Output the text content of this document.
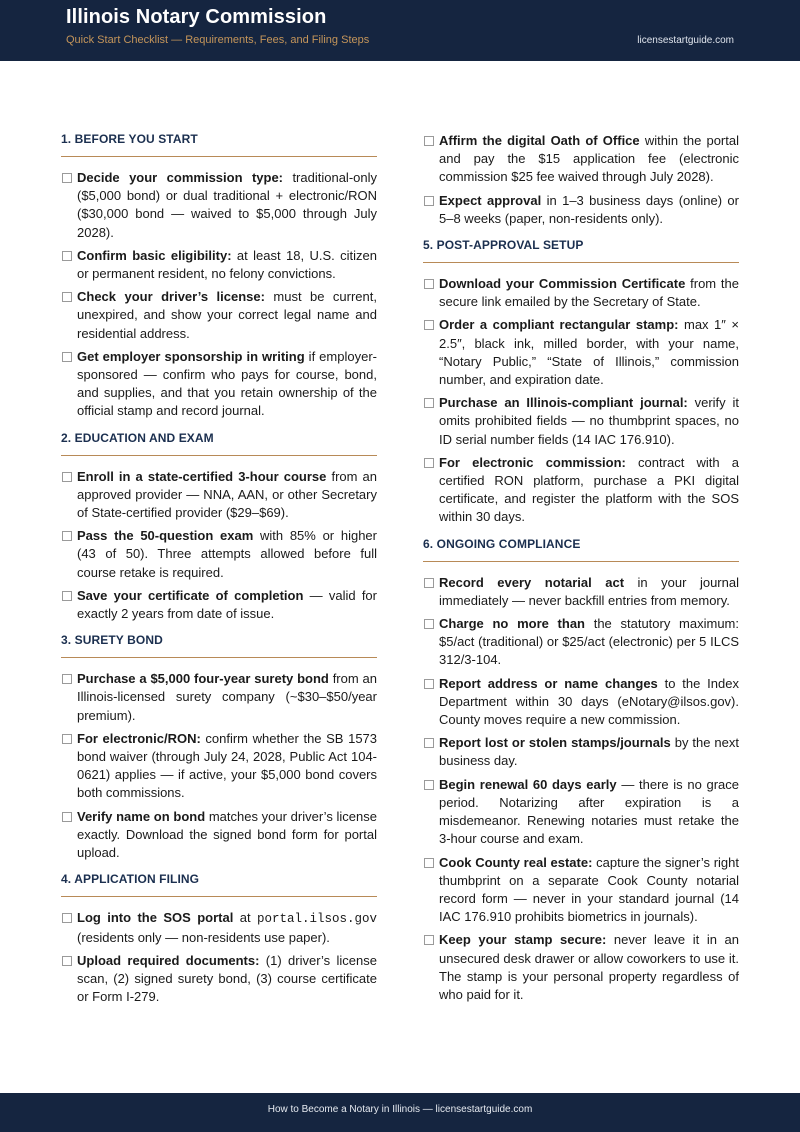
Illinois Notary Commission
Quick Start Checklist — Requirements, Fees, and Filing Steps	licensestartguide.com
1. BEFORE YOU START
Decide your commission type: traditional-only ($5,000 bond) or dual traditional + electronic/RON ($30,000 bond — waived to $5,000 through July 2028).
Confirm basic eligibility: at least 18, U.S. citizen or permanent resident, no felony convictions.
Check your driver’s license: must be current, unexpired, and show your correct legal name and residential address.
Get employer sponsorship in writing if employer-sponsored — confirm who pays for course, bond, and supplies, and that you retain ownership of the official stamp and record journal.
2. EDUCATION AND EXAM
Enroll in a state-certified 3-hour course from an approved provider — NNA, AAN, or other Secretary of State-certified provider ($29–$69).
Pass the 50-question exam with 85% or higher (43 of 50). Three attempts allowed before full course retake is required.
Save your certificate of completion — valid for exactly 2 years from date of issue.
3. SURETY BOND
Purchase a $5,000 four-year surety bond from an Illinois-licensed surety company (~$30–$50/year premium).
For electronic/RON: confirm whether the SB 1573 bond waiver (through July 24, 2028, Public Act 104-0621) applies — if active, your $5,000 bond covers both commissions.
Verify name on bond matches your driver’s license exactly. Download the signed bond form for portal upload.
4. APPLICATION FILING
Log into the SOS portal at portal.ilsos.gov (residents only — non-residents use paper).
Upload required documents: (1) driver’s license scan, (2) signed surety bond, (3) course certificate or Form I-279.
Affirm the digital Oath of Office within the portal and pay the $15 application fee (electronic commission $25 fee waived through July 2028).
Expect approval in 1–3 business days (online) or 5–8 weeks (paper, non-residents only).
5. POST-APPROVAL SETUP
Download your Commission Certificate from the secure link emailed by the Secretary of State.
Order a compliant rectangular stamp: max 1″ × 2.5″, black ink, milled border, with your name, “Notary Public,” “State of Illinois,” commission number, and expiration date.
Purchase an Illinois-compliant journal: verify it omits prohibited fields — no thumbprint spaces, no ID serial number fields (14 IAC 176.910).
For electronic commission: contract with a certified RON platform, purchase a PKI digital certificate, and register the platform with the SOS within 30 days.
6. ONGOING COMPLIANCE
Record every notarial act in your journal immediately — never backfill entries from memory.
Charge no more than the statutory maximum: $5/act (traditional) or $25/act (electronic) per 5 ILCS 312/3-104.
Report address or name changes to the Index Department within 30 days (eNotary@ilsos.gov). County moves require a new commission.
Report lost or stolen stamps/journals by the next business day.
Begin renewal 60 days early — there is no grace period. Notarizing after expiration is a misdemeanor. Renewing notaries must retake the 3-hour course and exam.
Cook County real estate: capture the signer’s right thumbprint on a separate Cook County notarial record form — never in your standard journal (14 IAC 176.910 prohibits biometrics in journals).
Keep your stamp secure: never leave it in an unsecured desk drawer or allow coworkers to use it. The stamp is your personal property regardless of who paid for it.
How to Become a Notary in Illinois — licensestartguide.com
